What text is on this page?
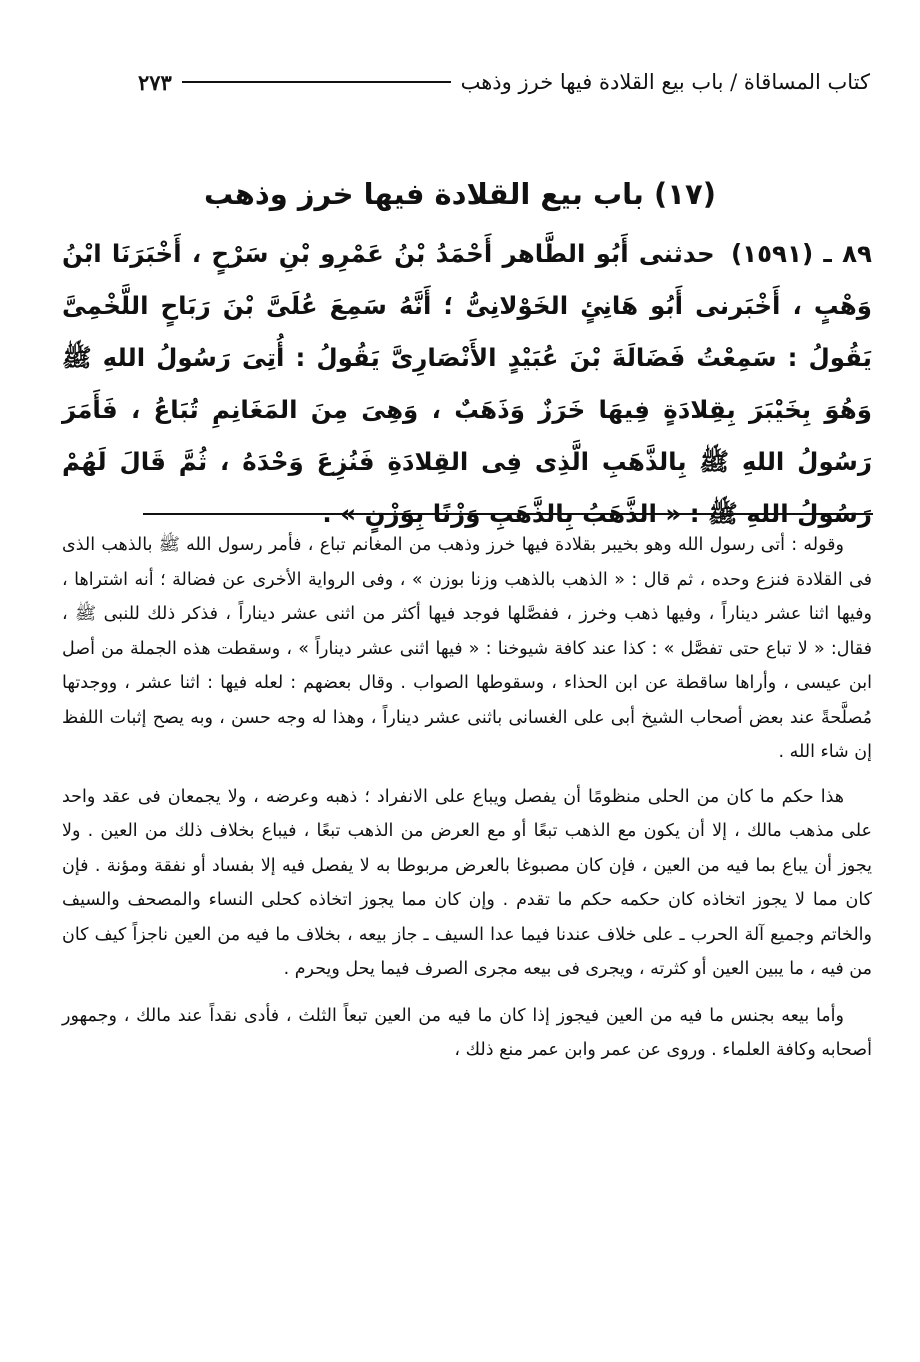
كتاب المساقاة / باب بيع القلادة فيها خرز وذهب
٢٧٣
(١٧) باب بيع القلادة فيها خرز وذهب
٨٩ ـ (١٥٩١) حدثنى أَبُو الطَّاهر أَحْمَدُ بْنُ عَمْرِو بْنِ سَرْحٍ ، أَخْبَرَنَا ابْنُ وَهْبٍ ، أَخْبَرنى أَبُو هَانِئٍ الخَوْلانِىُّ ؛ أَنَّهُ سَمِعَ عُلَىَّ بْنَ رَبَاحٍ اللَّخْمِىَّ يَقُولُ : سَمِعْتُ فَضَالَةَ بْنَ عُبَيْدٍ الأَنْصَارِىَّ يَقُولُ : أُتِىَ رَسُولُ اللهِ ﷺ وَهُوَ بِخَيْبَرَ بِقِلادَةٍ فِيهَا خَرَزٌ وَذَهَبٌ ، وَهِىَ مِنَ المَغَانِمِ تُبَاعُ ، فَأَمَرَ رَسُولُ اللهِ ﷺ بِالذَّهَبِ الَّذِى فِى القِلادَةِ فَنُزِعَ وَحْدَهُ ، ثُمَّ قَالَ لَهُمْ رَسُولُ اللهِ ﷺ : « الذَّهَبُ بِالذَّهَبِ وَزْنًا بِوَزْنٍ » .

وقوله : أتى رسول الله وهو بخيبر بقلادة فيها خرز وذهب من المغانم تباع ، فأمر رسول الله ﷺ بالذهب الذى فى القلادة فنزع وحده ، ثم قال : « الذهب بالذهب وزنا بوزن » ، وفى الرواية الأخرى عن فضالة ؛ أنه اشتراها ، وفيها اثنا عشر ديناراً ، وفيها ذهب وخرز ، ففصَّلها فوجد فيها أكثر من اثنى عشر ديناراً ، فذكر ذلك للنبى ﷺ ، فقال: « لا تباع حتى تفصَّل » : كذا عند كافة شيوخنا : « فيها اثنى عشر ديناراً » ، وسقطت هذه الجملة من أصل ابن عيسى ، وأراها ساقطة عن ابن الحذاء ، وسقوطها الصواب . وقال بعضهم : لعله فيها : اثنا عشر ، ووجدتها مُصلَّحةً عند بعض أصحاب الشيخ أبى على الغسانى باثنى عشر ديناراً ، وهذا له وجه حسن ، وبه يصح إثبات اللفظ إن شاء الله .

هذا حكم ما كان من الحلى منظومًا أن يفصل ويباع على الانفراد ؛ ذهبه وعرضه ، ولا يجمعان فى عقد واحد على مذهب مالك ، إلا أن يكون مع الذهب تبعًا أو مع العرض من الذهب تبعًا ، فيباع بخلاف ذلك من العين . ولا يجوز أن يباع بما فيه من العين ، فإن كان مصبوغا بالعرض مربوطا به لا يفصل فيه إلا بفساد أو نفقة ومؤنة . فإن كان مما لا يجوز اتخاذه كان حكمه حكم ما تقدم . وإن كان مما يجوز اتخاذه كحلى النساء والمصحف والسيف والخاتم وجميع آلة الحرب ـ على خلاف عندنا فيما عدا السيف ـ جاز بيعه ، بخلاف ما فيه من العين ناجزاً كيف كان من فيه ، ما يبين العين أو كثرته ، ويجرى فى بيعه مجرى الصرف فيما يحل ويحرم .

وأما بيعه بجنس ما فيه من العين فيجوز إذا كان ما فيه من العين تبعاً الثلث ، فأدى نقداً عند مالك ، وجمهور أصحابه وكافة العلماء . وروى عن عمر وابن عمر منع ذلك ،
